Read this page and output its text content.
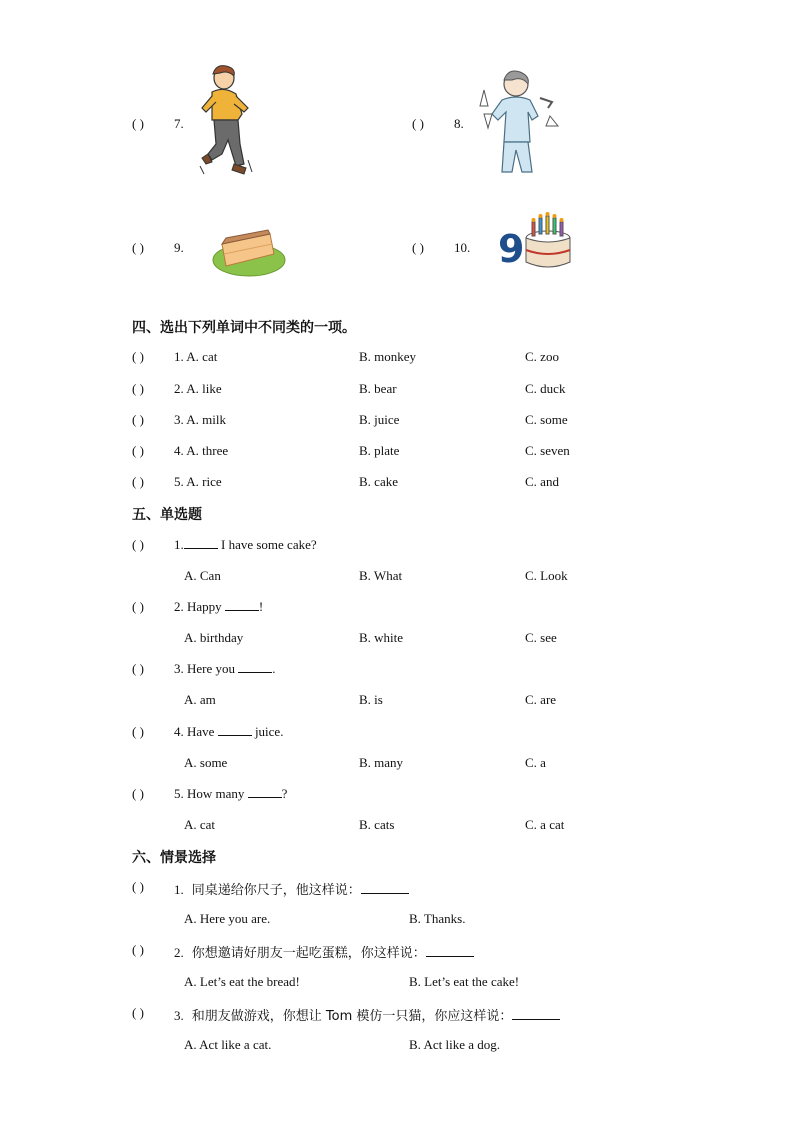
( ) 7.	( ) 8.
( ) 9.	( ) 10. 9
四、选出下列单词中不同类的一项。
( ) 1. A. cat	B. monkey	C. zoo
( ) 2. A. like	B. bear	C. duck
( ) 3. A. milk	B. juice	C. some
( ) 4. A. three	B. plate	C. seven
( ) 5. A. rice	B. cake	C. and
五、单选题
( ) 1.	I have some cake?
A. Can	B. What	C. Look
( ) 2. Happy	!
A. birthday	B. white	C. see
( ) 3. Here you	.
A. am	B. is	C. are
( ) 4. Have	juice.
A. some	B. many	C. a
( ) 5. How many	?
A. cat	B. cats	C. a cat
六、情景选择
( ) 1. 同桌递给你尺子，他这样说：
A. Here you are.	B. Thanks.
( ) 2. 你想邀请好朋友一起吃蛋糕，你这样说：
A. Let’s eat the bread!	B. Let’s eat the cake!
( ) 3. 和朋友做游戏，你想让 Tom 模仿一只猫，你应这样说：
A. Act like a cat.	B. Act like a dog.
